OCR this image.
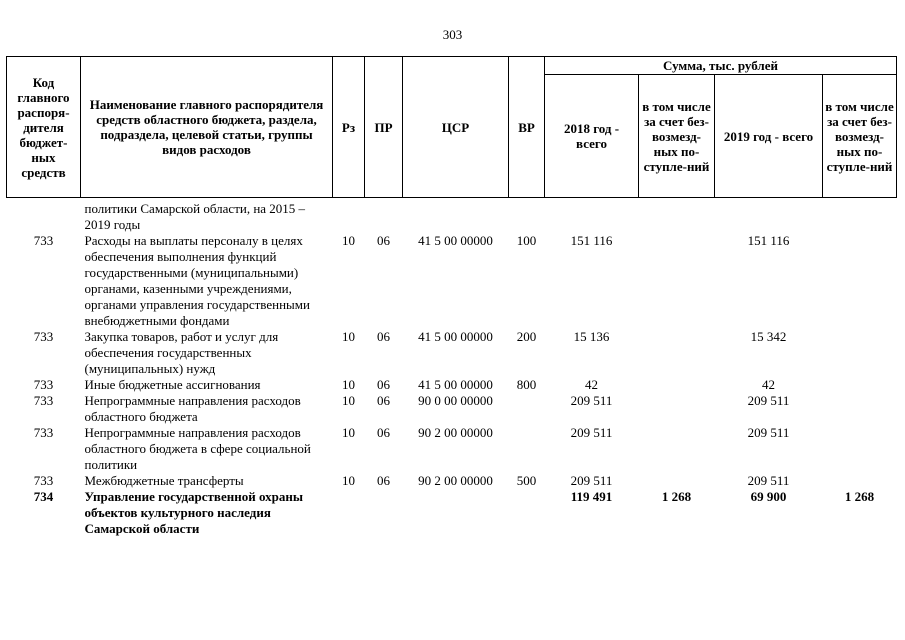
303
Код главного распоря-дителя бюджет-ных средств	Наименование главного распорядителя средств областного бюджета, раздела, подраздела, целевой статьи, группы видов расходов	Рз	ПР	ЦСР	ВР	Сумма, тыс. рублей			
						2018 год - всего	в том числе за счет без-возмезд-ных по-ступле-ний	2019 год - всего	в том числе за счет без-возмезд-ных по-ступле-ний
	политики Самарской области, на 2015 – 2019 годы								
733	Расходы на выплаты персоналу в целях обеспечения выполнения функций государственными (муниципальными) органами, казенными учреждениями, органами управления государственными внебюджетными фондами	10	06	41 5 00 00000	100	151 116		151 116	
733	Закупка товаров, работ и услуг для обеспечения государственных (муниципальных) нужд	10	06	41 5 00 00000	200	15 136		15 342	
733	Иные бюджетные ассигнования	10	06	41 5 00 00000	800	42		42	
733	Непрограммные направления расходов областного бюджета	10	06	90 0 00 00000		209 511		209 511	
733	Непрограммные направления расходов областного бюджета в сфере социальной политики	10	06	90 2 00 00000		209 511		209 511	
733	Межбюджетные трансферты	10	06	90 2 00 00000	500	209 511		209 511	
734	Управление государственной охраны объектов культурного наследия Самарской области					119 491	1 268	69 900	1 268
